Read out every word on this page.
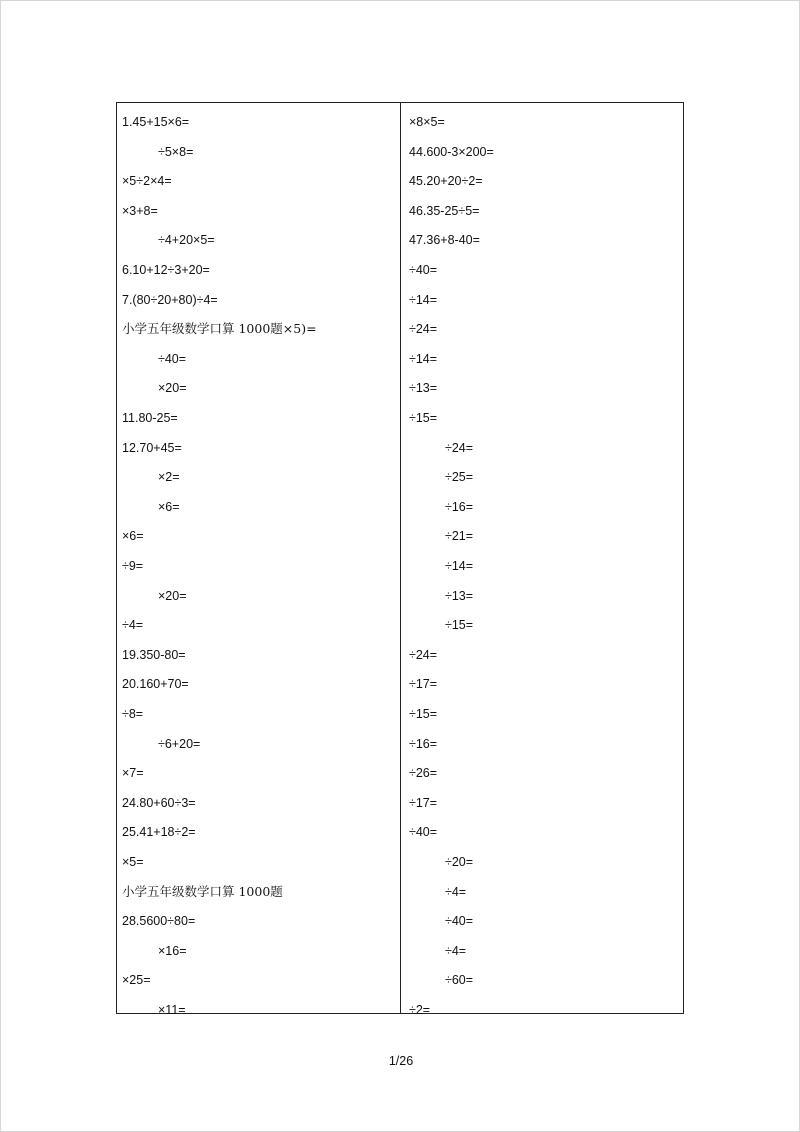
1.45+15×6=
÷5×8=
×5÷2×4=
×3+8=
÷4+20×5=
6.10+12÷3+20=
7.(80÷20+80)÷4=
小学五年级数学口算 1000题×5)=
÷40=
×20=
11.80-25=
12.70+45=
×2=
×6=
×6=
÷9=
×20=
÷4=
19.350-80=
20.160+70=
÷8=
÷6+20=
×7=
24.80+60÷3=
25.41+18÷2=
×5=
小学五年级数学口算 1000题
28.5600÷80=
×16=
×25=
×11=
×8×5=
44.600-3×200=
45.20+20÷2=
46.35-25÷5=
47.36+8-40=
÷40=
÷14=
÷24=
÷14=
÷13=
÷15=
÷24=
÷25=
÷16=
÷21=
÷14=
÷13=
÷15=
÷24=
÷17=
÷15=
÷16=
÷26=
÷17=
÷40=
÷20=
÷4=
÷40=
÷4=
÷60=
÷2=
1/26
